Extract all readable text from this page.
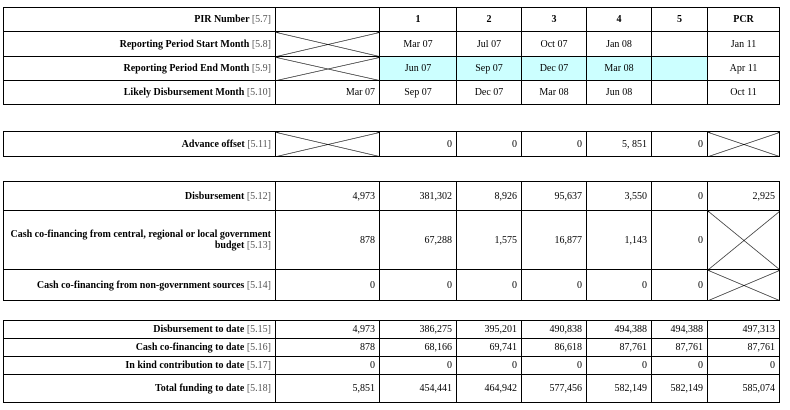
PIR Number [5.7]		1	2	3	4	5	PCR
Reporting Period Start Month [5.8]		Mar 07	Jul 07	Oct 07	Jan 08		Jan 11
Reporting Period End Month [5.9]		Jun 07	Sep 07	Dec 07	Mar 08		Apr 11
Likely Disbursement Month [5.10]	Mar 07	Sep 07	Dec 07	Mar 08	Jun 08		Oct 11
Advance offset [5.11]		0	0	0	5, 851	0	
Disbursement [5.12]	4,973	381,302	8,926	95,637	3,550	0	2,925
Cash co-financing from central, regional or local government budget [5.13]	878	67,288	1,575	16,877	1,143	0	
Cash co-financing from non-government sources [5.14]	0	0	0	0	0	0	
Disbursement to date [5.15]	4,973	386,275	395,201	490,838	494,388	494,388	497,313
Cash co-financing to date [5.16]	878	68,166	69,741	86,618	87,761	87,761	87,761
In kind contribution to date [5.17]	0	0	0	0	0	0	0
Total funding to date [5.18]	5,851	454,441	464,942	577,456	582,149	582,149	585,074
